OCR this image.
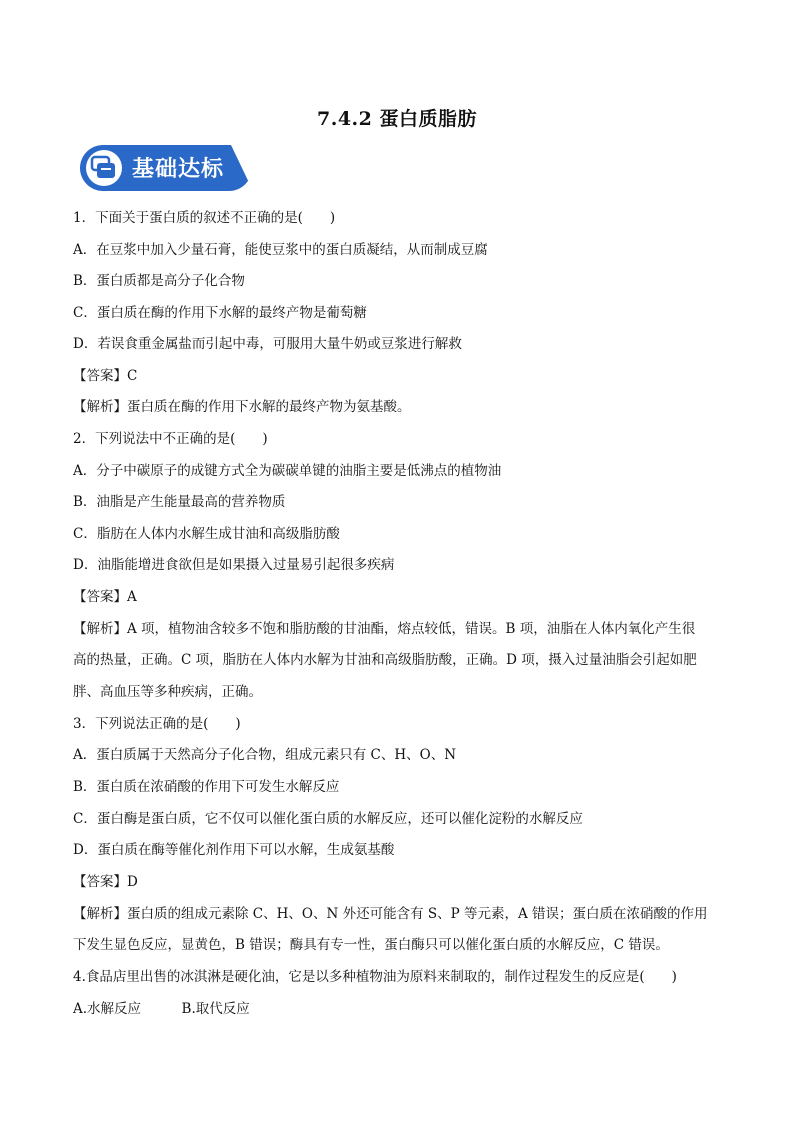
7.4.2 蛋白质脂肪
基础达标
1．下面关于蛋白质的叙述不正确的是(　　)
A．在豆浆中加入少量石膏，能使豆浆中的蛋白质凝结，从而制成豆腐
B．蛋白质都是高分子化合物
C．蛋白质在酶的作用下水解的最终产物是葡萄糖
D．若误食重金属盐而引起中毒，可服用大量牛奶或豆浆进行解救
【答案】C
【解析】蛋白质在酶的作用下水解的最终产物为氨基酸。
2．下列说法中不正确的是(　　)
A．分子中碳原子的成键方式全为碳碳单键的油脂主要是低沸点的植物油
B．油脂是产生能量最高的营养物质
C．脂肪在人体内水解生成甘油和高级脂肪酸
D．油脂能增进食欲但是如果摄入过量易引起很多疾病
【答案】A
【解析】A 项，植物油含较多不饱和脂肪酸的甘油酯，熔点较低，错误。B 项，油脂在人体内氧化产生很
高的热量，正确。C 项，脂肪在人体内水解为甘油和高级脂肪酸，正确。D 项，摄入过量油脂会引起如肥
胖、高血压等多种疾病，正确。
3．下列说法正确的是(　　)
A．蛋白质属于天然高分子化合物，组成元素只有 C、H、O、N
B．蛋白质在浓硝酸的作用下可发生水解反应
C．蛋白酶是蛋白质，它不仅可以催化蛋白质的水解反应，还可以催化淀粉的水解反应
D．蛋白质在酶等催化剂作用下可以水解，生成氨基酸
【答案】D
【解析】蛋白质的组成元素除 C、H、O、N 外还可能含有 S、P 等元素，A 错误；蛋白质在浓硝酸的作用
下发生显色反应，显黄色，B 错误；酶具有专一性，蛋白酶只可以催化蛋白质的水解反应，C 错误。
4.食品店里出售的冰淇淋是硬化油，它是以多种植物油为原料来制取的，制作过程发生的反应是(　　)
A.水解反应　　　B.取代反应
